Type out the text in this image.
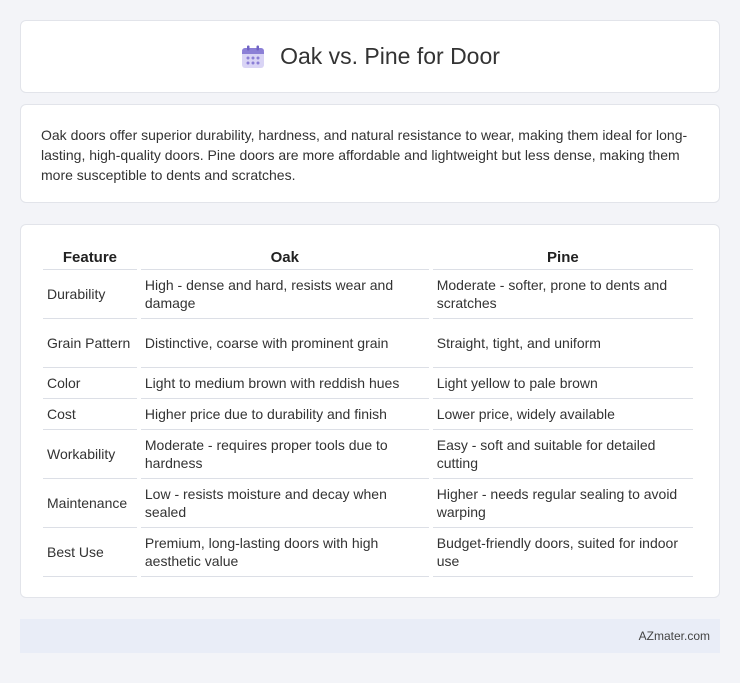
Oak vs. Pine for Door

Oak doors offer superior durability, hardness, and natural resistance to wear, making them ideal for long-lasting, high-quality doors. Pine doors are more affordable and lightweight but less dense, making them more susceptible to dents and scratches.

Feature	Oak	Pine
Durability	High - dense and hard, resists wear and damage	Moderate - softer, prone to dents and scratches
Grain Pattern	Distinctive, coarse with prominent grain	Straight, tight, and uniform
Color	Light to medium brown with reddish hues	Light yellow to pale brown
Cost	Higher price due to durability and finish	Lower price, widely available
Workability	Moderate - requires proper tools due to hardness	Easy - soft and suitable for detailed cutting
Maintenance	Low - resists moisture and decay when sealed	Higher - needs regular sealing to avoid warping
Best Use	Premium, long-lasting doors with high aesthetic value	Budget-friendly doors, suited for indoor use
AZmater.com
